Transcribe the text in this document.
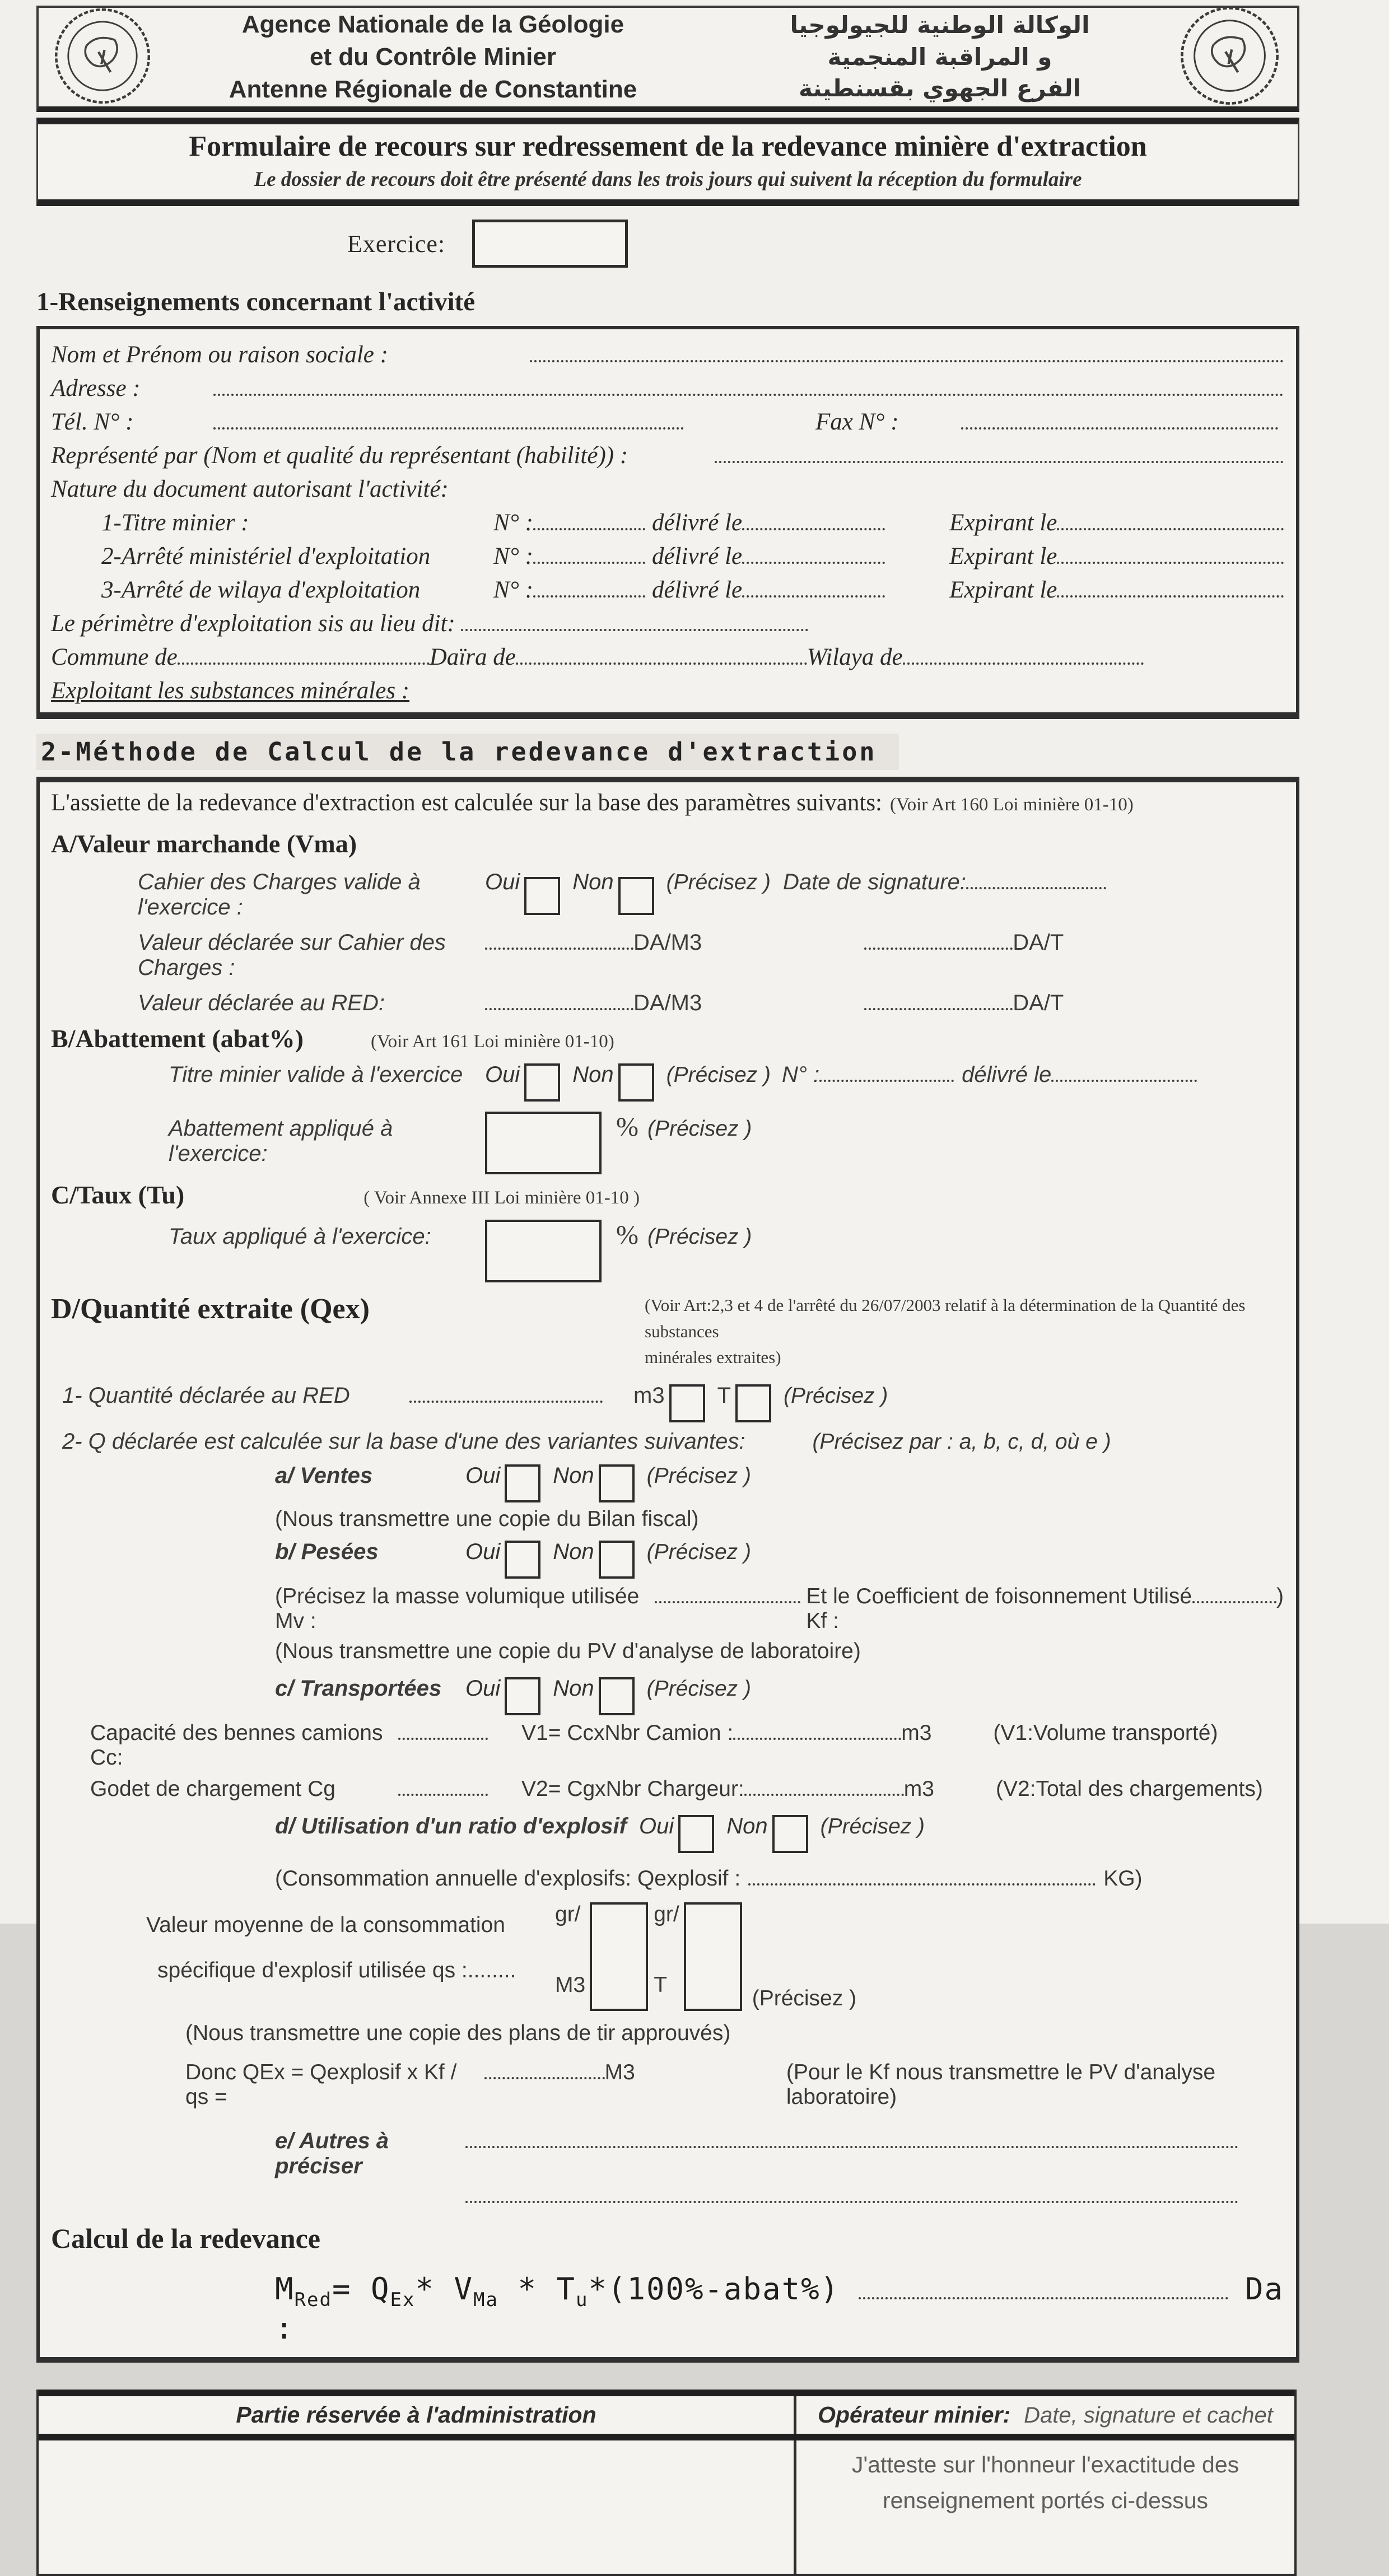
Agence Nationale de la Géologie
et du Contrôle Minier
Antenne Régionale de Constantine
الوكالة الوطنية للجيولوجيا
و المراقبة المنجمية
الفرع الجهوي بقسنطينة
Formulaire de recours sur redressement de la redevance minière d'extraction
Le dossier de recours doit être présenté dans les trois jours qui suivent la réception du formulaire
Exercice:
1-Renseignements concernant l'activité
Nom et Prénom ou raison sociale :
Adresse :
Tél. N° :	Fax N° :
Représenté par (Nom et qualité du représentant (habilité)) :
Nature du document autorisant l'activité:
1-Titre minier :	N° :	délivré le	Expirant le
2-Arrêté ministériel d'exploitation	N° :	délivré le	Expirant le
3-Arrêté de wilaya d'exploitation	N° :	délivré le	Expirant le
Le périmètre d'exploitation sis au lieu dit:
Commune de	Daïra de	Wilaya de
Exploitant les substances minérales :
2-Méthode de Calcul de la redevance d'extraction
L'assiette de la redevance d'extraction est calculée sur la base des paramètres suivants: (Voir Art 160 Loi minière 01-10)
A/Valeur marchande (Vma)
Cahier des Charges valide à l'exercice :
Oui Non (Précisez ) Date de signature:
Valeur déclarée sur Cahier des Charges :
DA/M3	DA/T
Valeur déclarée au RED:	DA/M3	DA/T
B/Abattement (abat%)	(Voir Art 161 Loi minière 01-10)
Titre minier valide à l'exercice Oui Non (Précisez ) N° :	délivré le
Abattement appliqué à l'exercice:
% (Précisez )
C/Taux (Tu)	( Voir Annexe III Loi minière 01-10 )
Taux appliqué à l'exercice:	% (Précisez )
D/Quantité extraite (Qex)	(Voir Art:2,3 et 4 de l'arrêté du 26/07/2003 relatif à la détermination de la Quantité des substances
minérales extraites)
1- Quantité déclarée au RED	m3 T (Précisez )
2- Q déclarée est calculée sur la base d'une des variantes suivantes:	(Précisez par : a, b, c, d, où e )
a/ Ventes	Oui Non (Précisez )
(Nous transmettre une copie du Bilan fiscal)
b/ Pesées	Oui Non (Précisez )
(Précisez la masse volumique utilisée Mv :
Et le Coefficient de foisonnement Utilisé Kf :
)
(Nous transmettre une copie du PV d'analyse de laboratoire)
c/ Transportées	Oui Non (Précisez )
Capacité des bennes camions Cc:
V1= CcxNbr Camion :	m3	(V1:Volume transporté)
Godet de chargement Cg	V2= CgxNbr Chargeur:	m3	(V2:Total des chargements)
d/ Utilisation d'un ratio d'explosif Oui Non (Précisez )
(Consommation annuelle d'explosifs: Qexplosif :	KG)
Valeur moyenne de la consommation
spécifique d'explosif utilisée qs :........
gr/
M3
gr/
T
(Précisez )
(Nous transmettre une copie des plans de tir approuvés)
Donc QEx = Qexplosif x Kf / qs =
M3	(Pour le Kf nous transmettre le PV d'analyse laboratoire)
e/ Autres à préciser
Calcul de la redevance
$M_{Red}= Q_{Ex}*$ $V_{Ma}$ * $T_u*(100\%-abat\%)$ :
Da
Partie réservée à l'administration	Opérateur minier: Date, signature et cachet
J'atteste sur l'honneur l'exactitude des
renseignement portés ci-dessus
